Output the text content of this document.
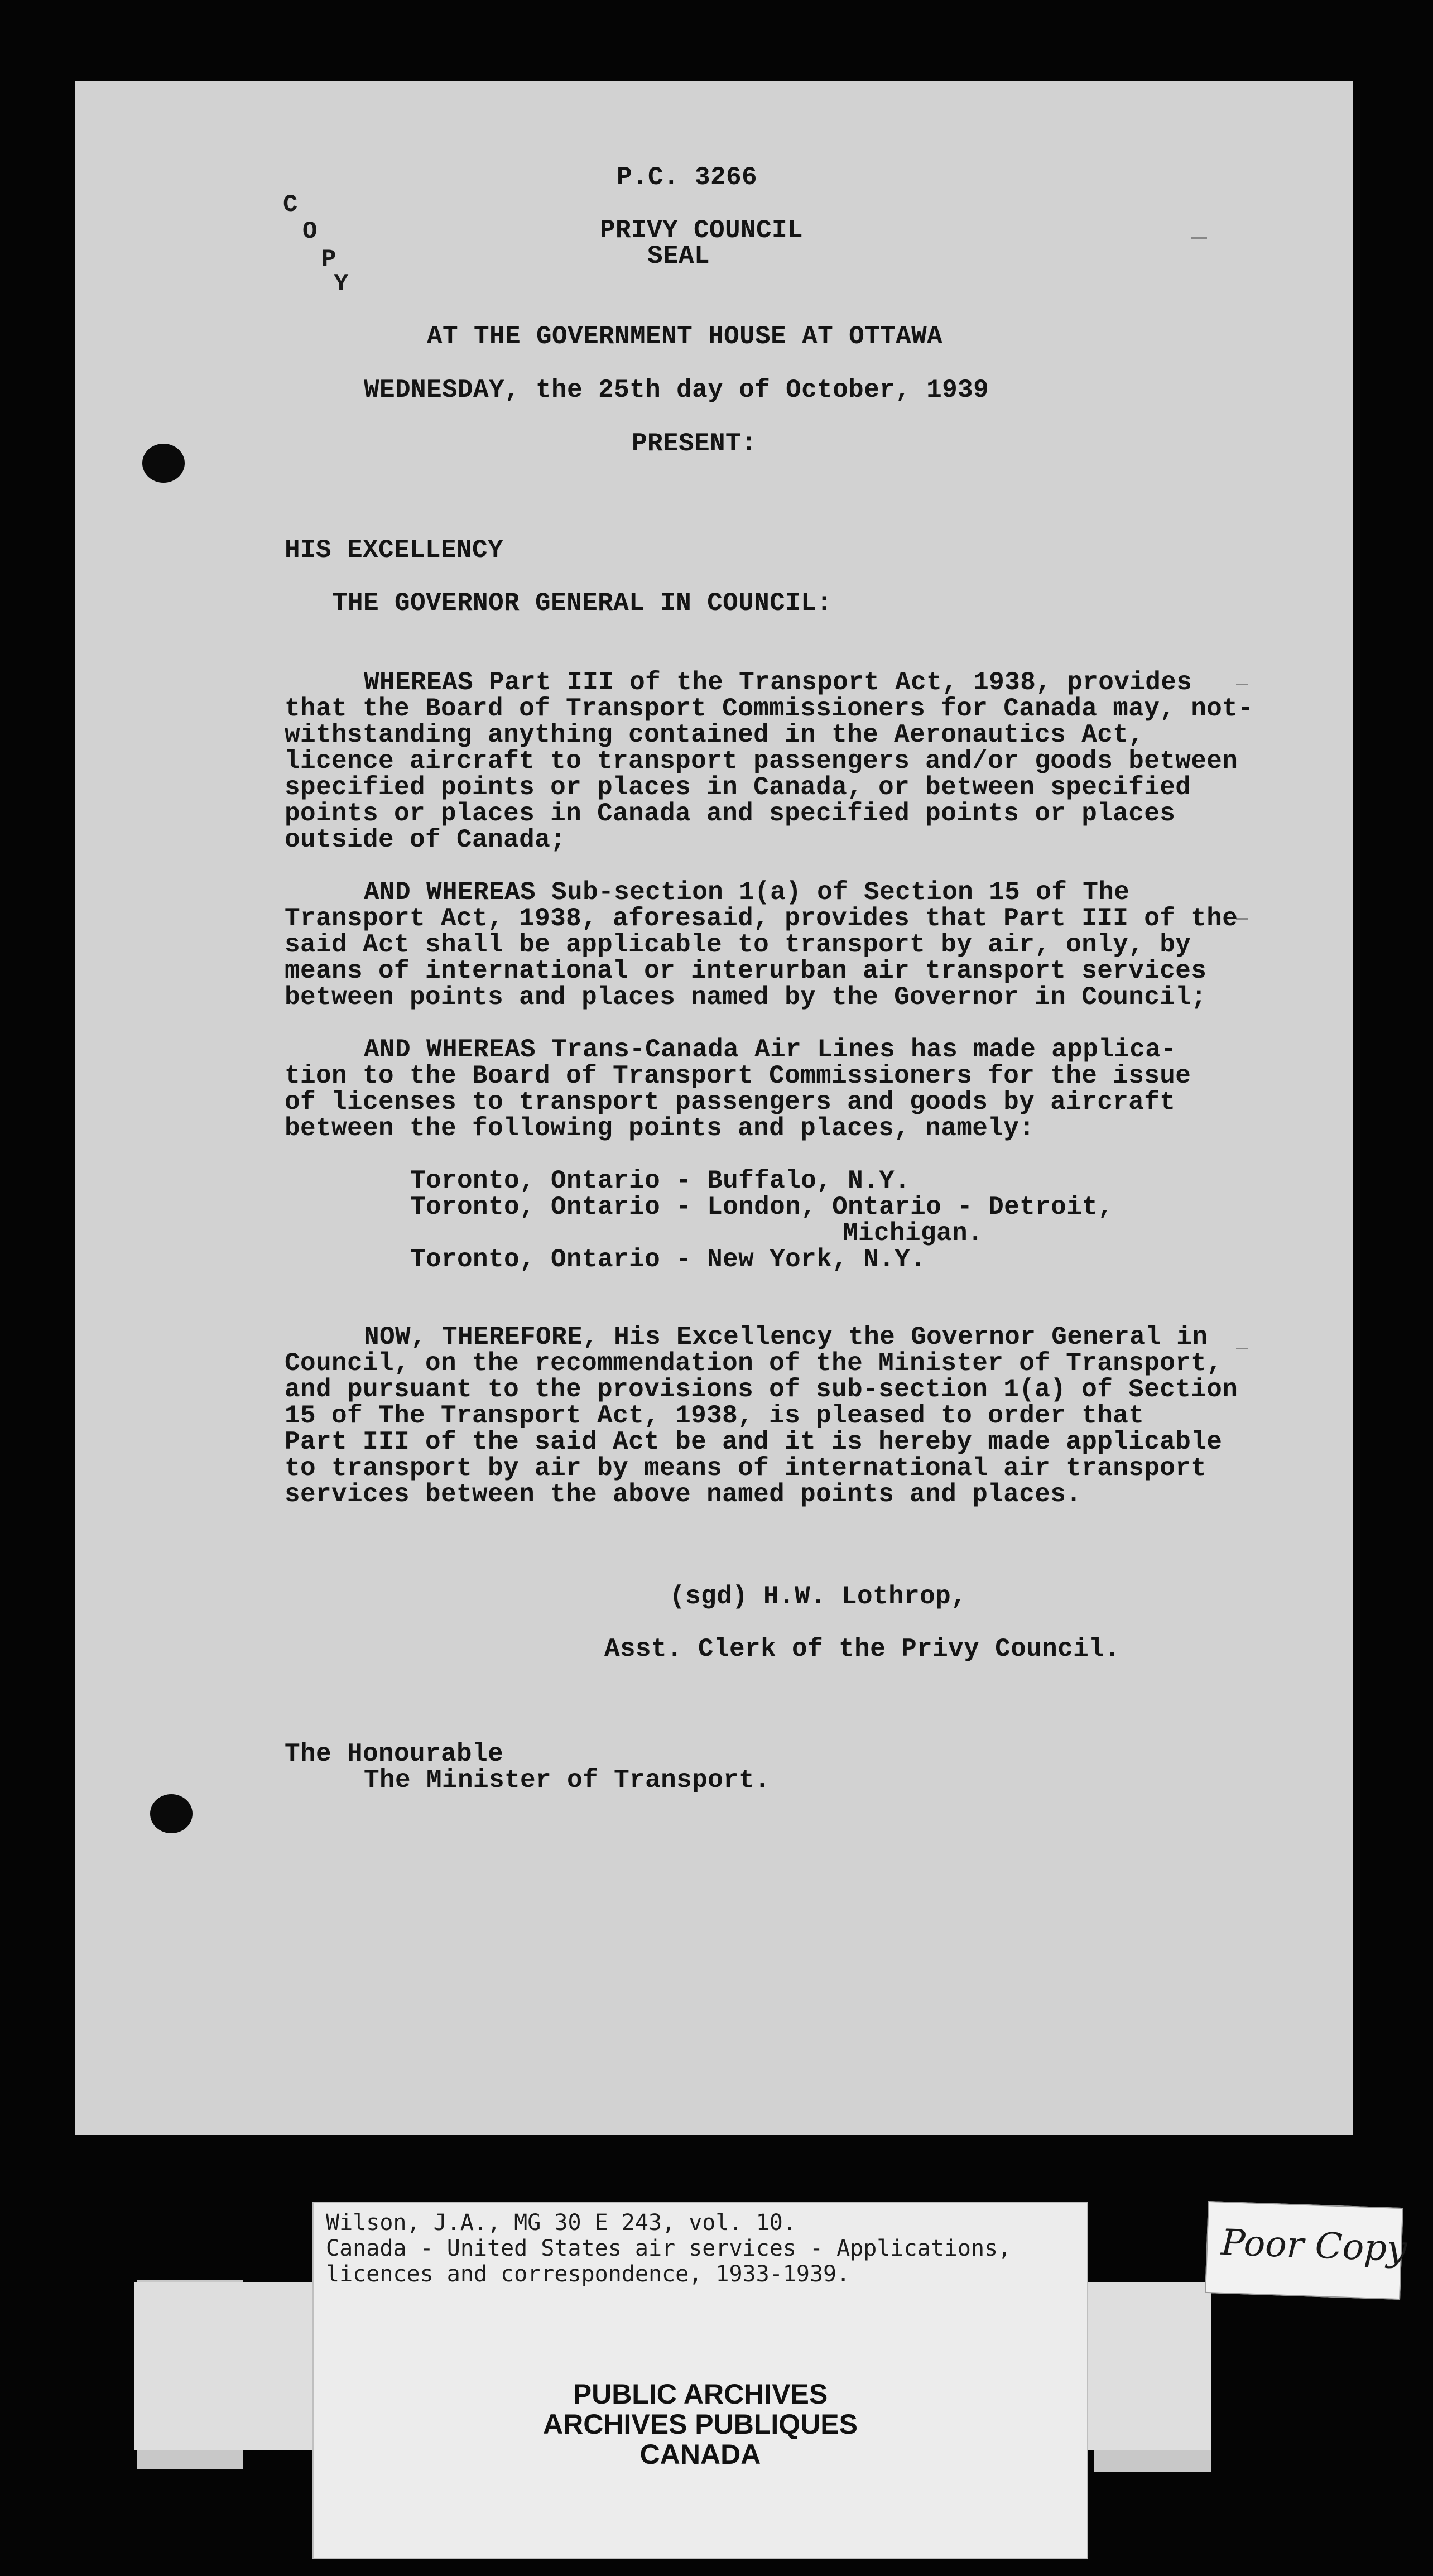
P.C. 3266
C
O
P
Y
PRIVY COUNCIL
SEAL
AT THE GOVERNMENT HOUSE AT OTTAWA
WEDNESDAY, the 25th day of October, 1939
PRESENT:
HIS EXCELLENCY
THE GOVERNOR GENERAL IN COUNCIL:
WHEREAS Part III of the Transport Act, 1938, provides
that the Board of Transport Commissioners for Canada may, not-
withstanding anything contained in the Aeronautics Act,
licence aircraft to transport passengers and/or goods between
specified points or places in Canada, or between specified
points or places in Canada and specified points or places
outside of Canada;
AND WHEREAS Sub-section 1(a) of Section 15 of The
Transport Act, 1938, aforesaid, provides that Part III of the
said Act shall be applicable to transport by air, only, by
means of international or interurban air transport services
between points and places named by the Governor in Council;
AND WHEREAS Trans-Canada Air Lines has made applica-
tion to the Board of Transport Commissioners for the issue
of licenses to transport passengers and goods by aircraft
between the following points and places, namely:
Toronto, Ontario - Buffalo, N.Y.
Toronto, Ontario - London, Ontario - Detroit,
Michigan.
Toronto, Ontario - New York, N.Y.
NOW, THEREFORE, His Excellency the Governor General in
Council, on the recommendation of the Minister of Transport,
and pursuant to the provisions of sub-section 1(a) of Section
15 of The Transport Act, 1938, is pleased to order that
Part III of the said Act be and it is hereby made applicable
to transport by air by means of international air transport
services between the above named points and places.
(sgd) H.W. Lothrop,
Asst. Clerk of the Privy Council.
The Honourable
The Minister of Transport.
Wilson, J.A., MG 30 E 243, vol. 10.
Canada - United States air services - Applications,
licences and correspondence, 1933-1939.
PUBLIC ARCHIVES
ARCHIVES PUBLIQUES
CANADA
Poor Copy
